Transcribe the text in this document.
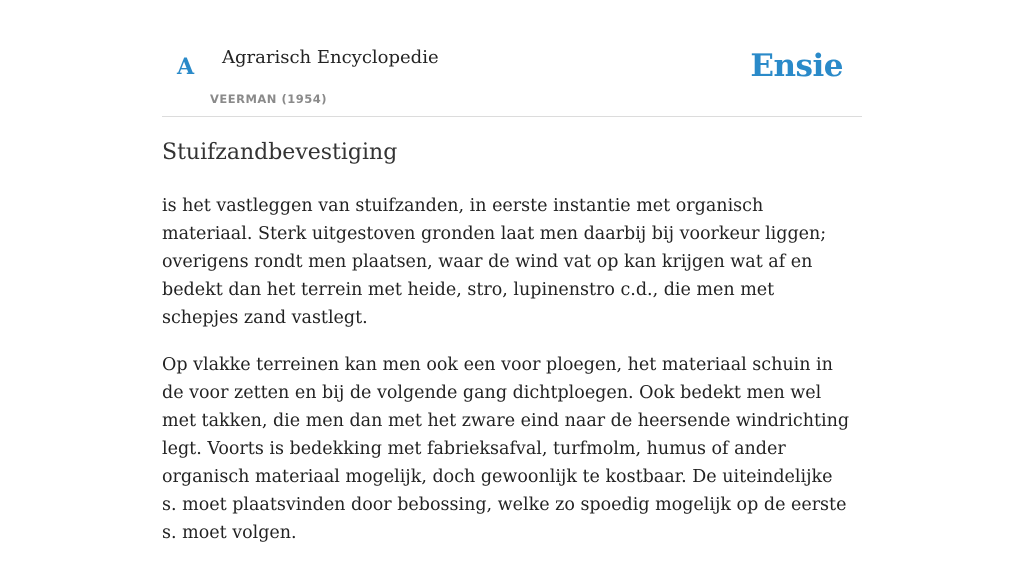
A Agrarisch Encyclopedie
VEERMAN (1954)
Ensie
Stuifzandbevestiging

is het vastleggen van stuifzanden, in eerste instantie met organisch materiaal. Sterk uitgestoven gronden laat men daarbij bij voorkeur liggen; overigens rondt men plaatsen, waar de wind vat op kan krijgen wat af en bedekt dan het terrein met heide, stro, lupinenstro c.d., die men met schepjes zand vastlegt.

Op vlakke terreinen kan men ook een voor ploegen, het materiaal schuin in de voor zetten en bij de volgende gang dichtploegen. Ook bedekt men wel met takken, die men dan met het zware eind naar de heersende windrichting legt. Voorts is bedekking met fabrieksafval, turfmolm, humus of ander organisch materiaal mogelijk, doch gewoonlijk te kostbaar. De uiteindelijke s. moet plaatsvinden door bebossing, welke zo spoedig mogelijk op de eerste s. moet volgen.
